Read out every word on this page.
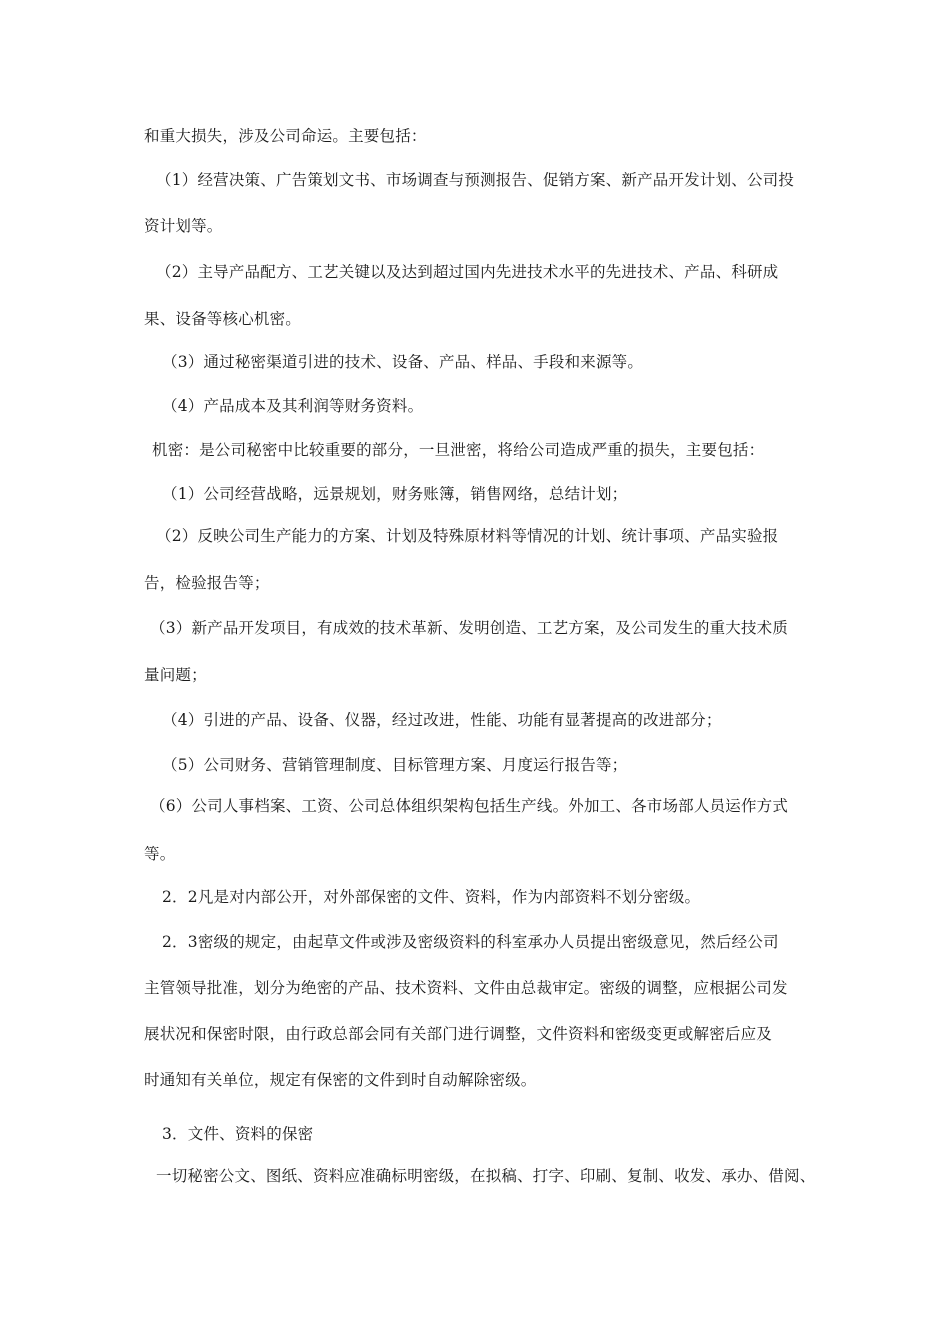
和重大损失，涉及公司命运。主要包括：
（1）经营决策、广告策划文书、市场调查与预测报告、促销方案、新产品开发计划、公司投
资计划等。
（2）主导产品配方、工艺关键以及达到超过国内先进技术水平的先进技术、产品、科研成
果、设备等核心机密。
（3）通过秘密渠道引进的技术、设备、产品、样品、手段和来源等。
（4）产品成本及其利润等财务资料。
机密：是公司秘密中比较重要的部分，一旦泄密，将给公司造成严重的损失，主要包括：
（1）公司经营战略，远景规划，财务账簿，销售网络，总结计划；
（2）反映公司生产能力的方案、计划及特殊原材料等情况的计划、统计事项、产品实验报
告，检验报告等；
（3）新产品开发项目，有成效的技术革新、发明创造、工艺方案，及公司发生的重大技术质
量问题；
（4）引进的产品、设备、仪器，经过改进，性能、功能有显著提高的改进部分；
（5）公司财务、营销管理制度、目标管理方案、月度运行报告等；
（6）公司人事档案、工资、公司总体组织架构包括生产线。外加工、各市场部人员运作方式
等。
2．2凡是对内部公开，对外部保密的文件、资料，作为内部资料不划分密级。
2．3密级的规定，由起草文件或涉及密级资料的科室承办人员提出密级意见，然后经公司
主管领导批准，划分为绝密的产品、技术资料、文件由总裁审定。密级的调整，应根据公司发
展状况和保密时限，由行政总部会同有关部门进行调整，文件资料和密级变更或解密后应及
时通知有关单位，规定有保密的文件到时自动解除密级。
3．文件、资料的保密
一切秘密公文、图纸、资料应准确标明密级，在拟稿、打字、印刷、复制、收发、承办、借阅、
